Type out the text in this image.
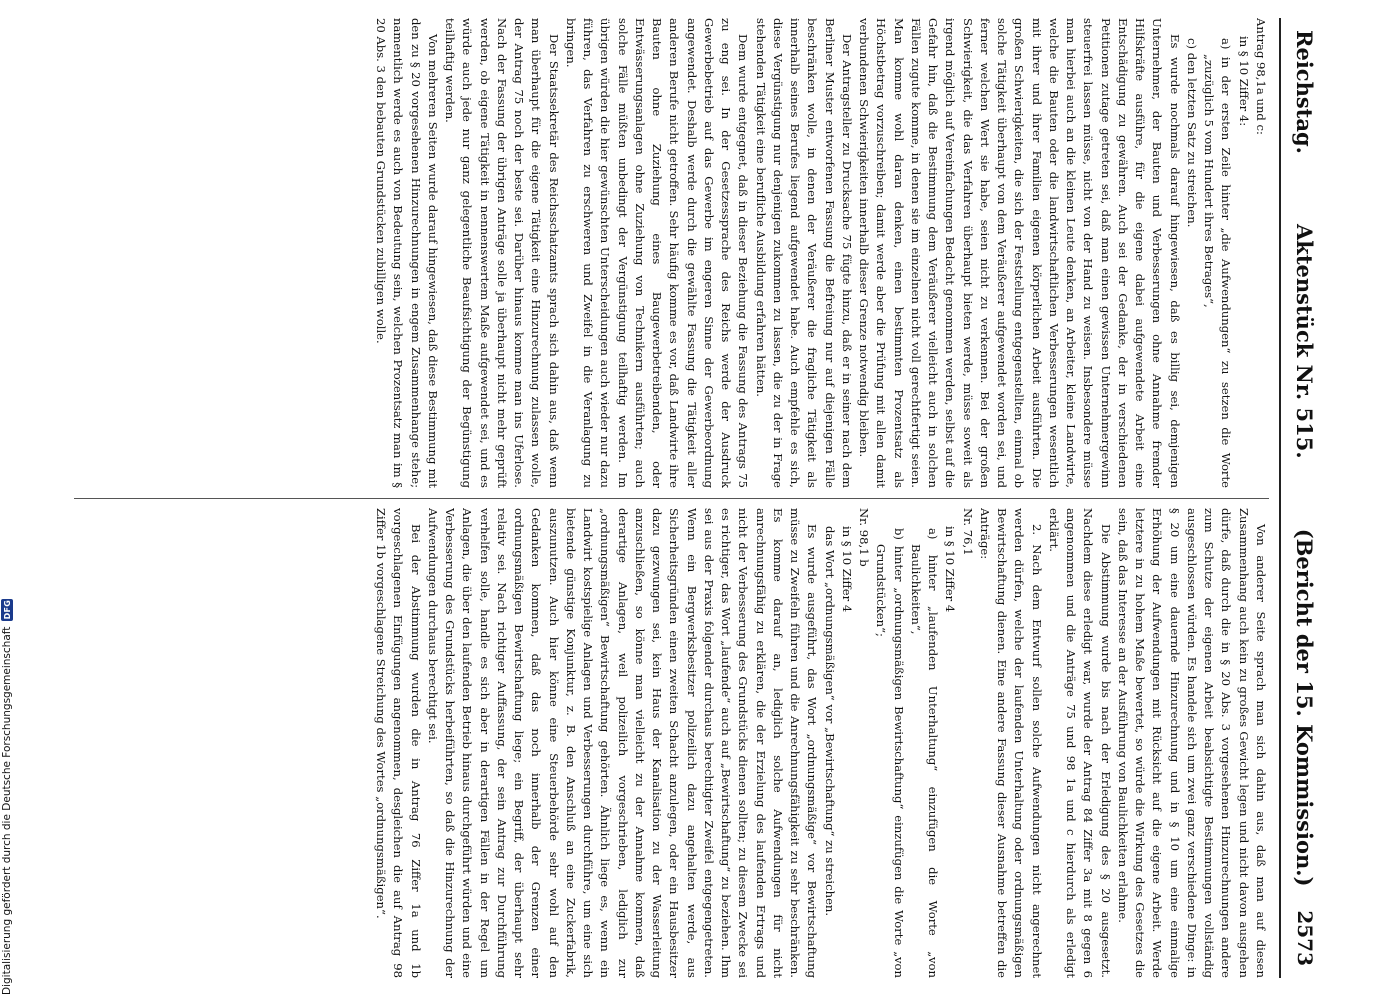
Reichstag.
Aktenstück Nr. 515.
(Bericht der 15. Kommission.)
2573

Antrag 98,1a und c:

in § 10 Ziffer 4:

a) in der ersten Zeile hinter „die Aufwendungen“ zu setzen die Worte „zuzüglich 5 vom Hundert ihres Betrages“,

c) den letzten Satz zu streichen.

Es wurde nochmals darauf hingewiesen, daß es billig sei, demjenigen Unternehmer, der Bauten und Verbesserungen ohne Annahme fremder Hilfskräfte ausführe, für die eigene dabei aufgewendete Arbeit eine Entschädigung zu gewähren. Auch sei der Gedanke, der in verschiedenen Petitionen zutage getreten sei, daß man einen gewissen Unternehmergewinn steuerfrei lassen müsse, nicht von der Hand zu weisen. Insbesondere müsse man hierbei auch an die kleinen Leute denken, an Arbeiter, kleine Landwirte, welche die Bauten oder die landwirtschaftlichen Verbesserungen wesentlich mit ihrer und ihrer Familien eigenen körperlichen Arbeit ausführten. Die großen Schwierigkeiten, die sich der Feststellung entgegenstellten, einmal ob solche Tätigkeit überhaupt von dem Veräußerer aufgewendet worden sei, und ferner welchen Wert sie habe, seien nicht zu verkennen. Bei der großen Schwierigkeit, die das Verfahren überhaupt bieten werde, müsse soweit als irgend möglich auf Vereinfachungen Bedacht genommen werden, selbst auf die Gefahr hin, daß die Bestimmung dem Veräußerer vielleicht auch in solchen Fällen zugute komme, in denen sie im einzelnen nicht voll gerechtfertigt seien. Man komme wohl daran denken, einen bestimmten Prozentsatz als Höchstbetrag vorzuschreiben; damit werde aber die Prüfung mit allen damit verbundenen Schwierigkeiten innerhalb dieser Grenze notwendig bleiben.

Der Antragsteller zu Drucksache 75 fügte hinzu, daß er in seiner nach dem Berliner Muster entworfenen Fassung die Befreiung nur auf diejenigen Fälle beschränken wolle, in denen der Veräußerer die fragliche Tätigkeit als innerhalb seines Berufes liegend aufgewendet habe. Auch empfehle es sich, diese Vergünstigung nur denjenigen zukommen zu lassen, die zu der in Frage stehenden Tätigkeit eine berufliche Ausbildung erfahren hätten.

Dem wurde entgegnet, daß in dieser Beziehung die Fassung des Antrags 75 zu eng sei. In der Gesetzessprache des Reichs werde der Ausdruck Gewerbebetrieb auf das Gewerbe im engeren Sinne der Gewerbeordnung angewendet. Deshalb werde durch die gewählte Fassung die Tätigkeit aller anderen Berufe nicht getroffen. Sehr häufig komme es vor, daß Landwirte ihre Bauten ohne Zuziehung eines Baugewerbetreibenden, oder Entwässerungsanlagen ohne Zuziehung von Technikern ausführten; auch solche Fälle müßten unbedingt der Vergünstigung teilhaftig werden. Im übrigen würden die hier gewünschten Unterscheidungen auch wieder nur dazu führen, das Verfahren zu erschweren und Zweifel in die Veranlagung zu bringen.

Der Staatssekretär des Reichsschatzamts sprach sich dahin aus, daß wenn man überhaupt für die eigene Tätigkeit eine Hinzurechnung zulassen wolle, der Antrag 75 noch der beste sei. Darüber hinaus komme man ins Uferlose. Nach der Fassung der übrigen Anträge solle ja überhaupt nicht mehr geprüft werden, ob eigene Tätigkeit in nennenswertem Maße aufgewendet sei, und es würde auch jede nur ganz gelegentliche Beaufsichtigung der Begünstigung teilhaftig werden.

Von mehreren Seiten wurde darauf hingewiesen, daß diese Bestimmung mit den zu § 20 vorgesehenen Hinzurechnungen in engem Zusammenhange stehe; namentlich werde es auch von Bedeutung sein, welchen Prozentsatz man im § 20 Abs. 3 den bebauten Grundstücken zubilligen wolle.

Von anderer Seite sprach man sich dahin aus, daß man auf diesen Zusammenhang auch kein zu großes Gewicht legen und nicht davon ausgehen dürfe, daß durch die in § 20 Abs. 3 vorgesehenen Hinzurechnungen andere zum Schutze der eigenen Arbeit beabsichtigte Bestimmungen vollständig ausgeschlossen würden. Es handele sich um zwei ganz verschiedene Dinge: in § 20 um eine dauernde Hinzurechnung und in § 10 um eine einmalige Erhöhung der Aufwendungen mit Rücksicht auf die eigene Arbeit. Werde letztere in zu hohem Maße bewertet, so würde die Wirkung des Gesetzes die sein, daß das Interesse an der Ausführung von Baulichkeiten erlahme.

Die Abstimmung wurde bis nach der Erledigung des § 20 ausgesetzt. Nachdem diese erledigt war, wurde der Antrag 84 Ziffer 3a mit 8 gegen 6 angenommen und die Anträge 75 und 98 1a und c hierdurch als erledigt erklärt.

2. Nach dem Entwurf sollen solche Aufwendungen nicht angerechnet werden dürfen, welche der laufenden Unterhaltung oder ordnungsmäßigen Bewirtschaftung dienen. Eine andere Fassung dieser Ausnahme betreffen die Anträge:

Nr. 76,1

in § 10 Ziffer 4

a) hinter „laufenden Unterhaltung“ einzufügen die Worte „von Baulichkeiten“,

b) hinter „ordnungsmäßigen Bewirtschaftung“ einzufügen die Worte „von Grundstücken“;

Nr. 98,1 b

in § 10 Ziffer 4

das Wort „ordnungsmäßigen“ vor „Bewirtschaftung“ zu streichen.

Es wurde ausgeführt, das Wort „ordnungsmäßige“ vor Bewirtschaftung müsse zu Zweifeln führen und die Anrechnungsfähigkeit zu sehr beschränken. Es komme darauf an, lediglich solche Aufwendungen für nicht anrechnungsfähig zu erklären, die der Erzielung des laufenden Ertrags und nicht der Verbesserung des Grundstücks dienen sollten; zu diesem Zwecke sei es richtiger, das Wort „laufende“ auch auf „Bewirtschaftung“ zu beziehen. Ihm sei aus der Praxis folgender durchaus berechtigter Zweifel entgegengetreten. Wenn ein Bergwerksbesitzer polizeilich dazu angehalten werde, aus Sicherheitsgründen einen zweiten Schacht anzulegen, oder ein Hausbesitzer dazu gezwungen sei, kein Haus der Kanalisation zu der Wasserleitung anzuschließen, so könne man vielleicht zu der Annahme kommen, daß derartige Anlagen, weil polizeilich vorgeschrieben, lediglich zur „ordnungsmäßigen“ Bewirtschaftung gehörten. Ähnlich liege es, wenn ein Landwirt kostspielige Anlagen und Verbesserungen durchführe, um eine sich bietende günstige Konjunktur, z. B. den Anschluß an eine Zuckerfabrik, auszunutzen. Auch hier könne eine Steuerbehörde sehr wohl auf den Gedanken kommen, daß das noch innerhalb der Grenzen einer ordnungsmäßigen Bewirtschaftung liege; ein Begriff, der überhaupt sehr relativ sei. Nach richtiger Auffassung, der sein Antrag zur Durchführung verhelfen solle, handle es sich aber in derartigen Fällen in der Regel um Anlagen, die über den laufenden Betrieb hinaus durchgeführt würden und eine Verbesserung des Grundstücks herbeiführten, so daß die Hinzurechnung der Aufwendungen durchaus berechtigt sei.

Bei der Abstimmung wurden die in Antrag 76 Ziffer 1a und 1b vorgeschlagenen Einfügungen angenommen, desgleichen die auf Antrag 98 Ziffer 1b vorgeschlagene Streichung des Wortes „ordnungsmäßigen“.

Digitalisierung gefördert durch die Deutsche Forschungsgemeinschaft
DFG
